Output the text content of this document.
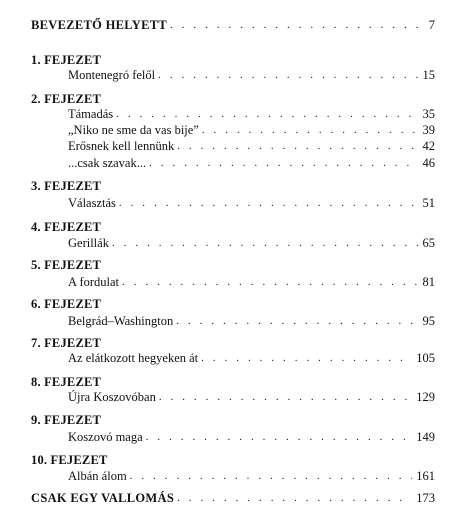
BEVEZETŐ HELYETT . . .	7
1. FEJEZET
Montenegró felől . . .	15
2. FEJEZET
Támadás . . .	35
„Niko ne sme da vas bije” . . .	39
Erősnek kell lennünk . . .	42
...csak szavak... . . .	46
3. FEJEZET
Választás . . .	51
4. FEJEZET
Gerillák . . .	65
5. FEJEZET
A fordulat . . .	81
6. FEJEZET
Belgrád–Washington . . .	95
7. FEJEZET
Az elátkozott hegyeken át . . .	105
8. FEJEZET
Újra Koszovóban . . .	129
9. FEJEZET
Koszovó maga . . .	149
10. FEJEZET
Albán álom . . .	161
CSAK EGY VALLOMÁS . . .	173
